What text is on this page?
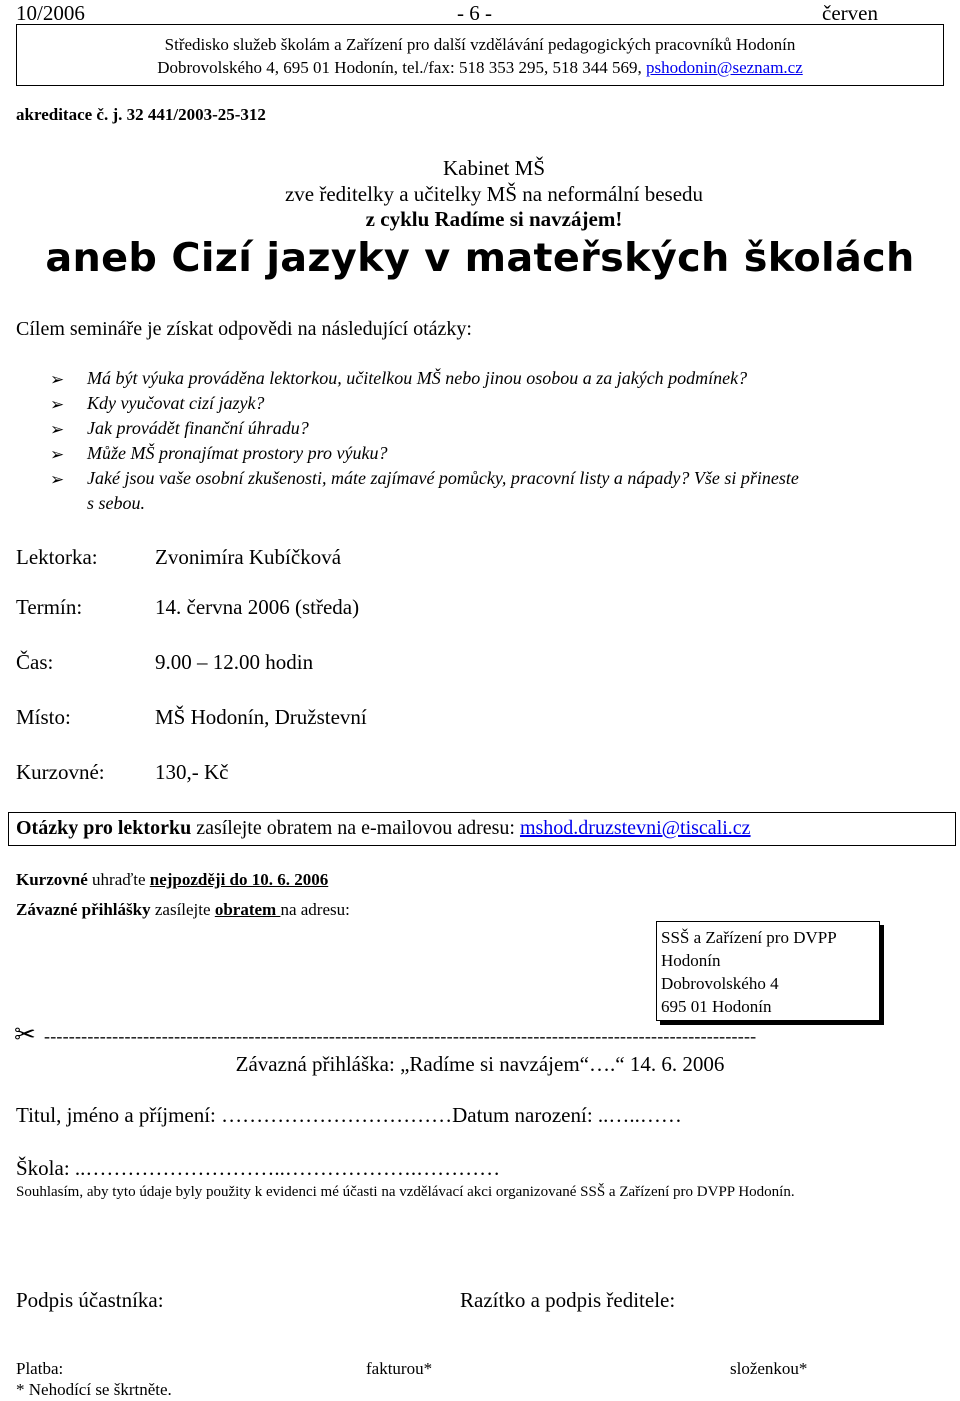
10/2006	- 6 -	červen
Středisko služeb školám a Zařízení pro další vzdělávání pedagogických pracovníků Hodonín
Dobrovolského 4, 695 01 Hodonín, tel./fax: 518 353 295, 518 344 569, pshodonin@seznam.cz
akreditace č. j. 32 441/2003-25-312
Kabinet MŠ
zve ředitelky a učitelky MŠ na neformální besedu
z cyklu Radíme si navzájem!
aneb Cizí jazyky v mateřských školách
Cílem semináře je získat odpovědi na následující otázky:
➢ Má být výuka prováděna lektorkou, učitelkou MŠ nebo jinou osobou a za jakých podmínek?
➢ Kdy vyučovat cizí jazyk?
➢ Jak provádět finanční úhradu?
➢ Může MŠ pronajímat prostory pro výuku?
➢ Jaké jsou vaše osobní zkušenosti, máte zajímavé pomůcky, pracovní listy a nápady? Vše si přineste
s sebou.
Lektorka:	Zvonimíra Kubíčková
Termín:	14. června 2006 (středa)
Čas:	9.00 – 12.00 hodin
Místo:	MŠ Hodonín, Družstevní
Kurzovné: 130,- Kč
Otázky pro lektorku zasílejte obratem na e-mailovou adresu: mshod.druzstevni@tiscali.cz
Kurzovné uhraďte nejpozději do 10. 6. 2006
Závazné přihlášky zasílejte obratem na adresu:
SSŠ a Zařízení pro DVPP
Hodonín
Dobrovolského 4
695 01 Hodonín
✂ -------------------------------------------------------------------------------------------------------------------
Závazná přihláška: „Radíme si navzájem“….“ 14. 6. 2006
Titul, jméno a příjmení: ……………………………Datum narození: ..…..……
Škola: ..………………………..……………….…………
Souhlasím, aby tyto údaje byly použity k evidenci mé účasti na vzdělávací akci organizované SSŠ a Zařízení pro DVPP Hodonín.
Podpis účastníka:	Razítko a podpis ředitele:
Platba:	fakturou*	složenkou*
* Nehodící se škrtněte.
